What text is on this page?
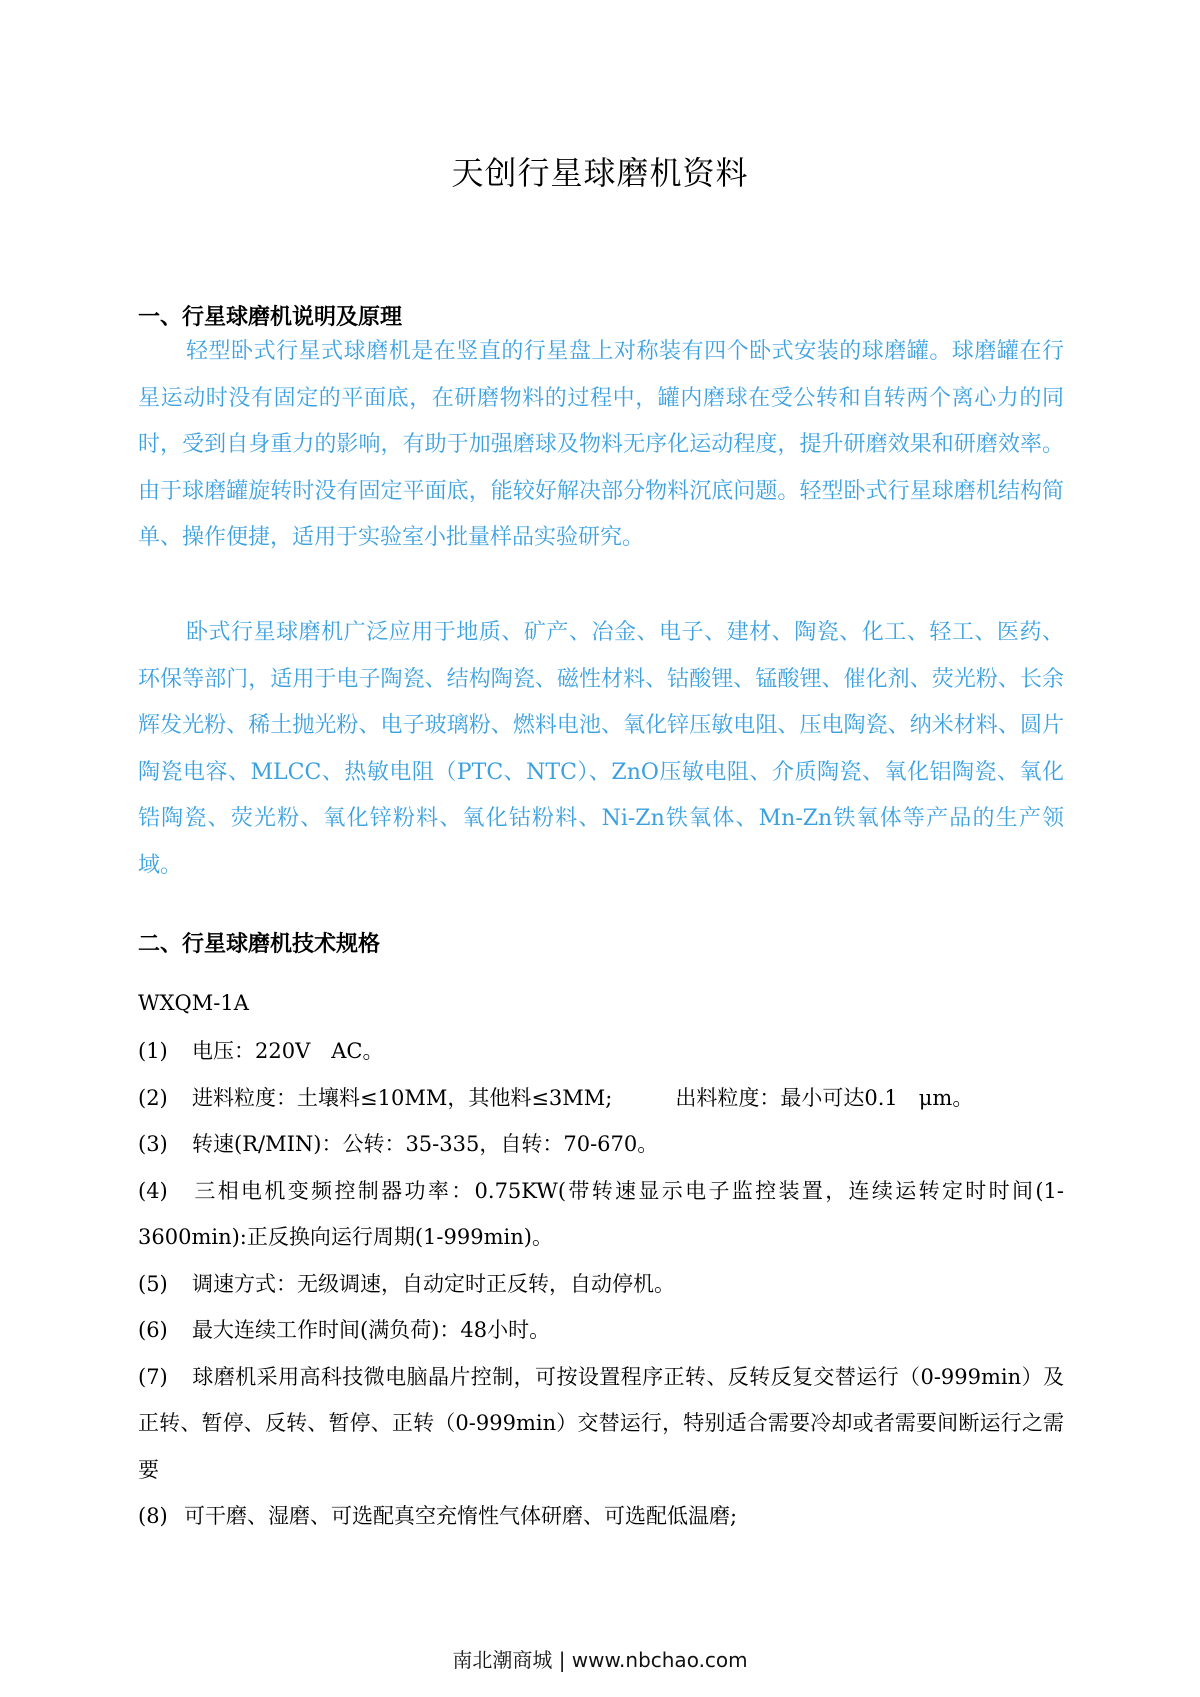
天创行星球磨机资料
一、行星球磨机说明及原理

轻型卧式行星式球磨机是在竖直的行星盘上对称装有四个卧式安装的球磨罐。球磨罐在行星运动时没有固定的平面底，在研磨物料的过程中，罐内磨球在受公转和自转两个离心力的同时，受到自身重力的影响，有助于加强磨球及物料无序化运动程度，提升研磨效果和研磨效率。由于球磨罐旋转时没有固定平面底，能较好解决部分物料沉底问题。轻型卧式行星球磨机结构简单、操作便捷，适用于实验室小批量样品实验研究。

卧式行星球磨机广泛应用于地质、矿产、冶金、电子、建材、陶瓷、化工、轻工、医药、环保等部门，适用于电子陶瓷、结构陶瓷、磁性材料、钴酸锂、锰酸锂、催化剂、荧光粉、长余辉发光粉、稀土抛光粉、电子玻璃粉、燃料电池、氧化锌压敏电阻、压电陶瓷、纳米材料、圆片陶瓷电容、MLCC、热敏电阻（PTC、NTC）、ZnO压敏电阻、介质陶瓷、氧化铝陶瓷、氧化锆陶瓷、荧光粉、氧化锌粉料、氧化钴粉料、Ni-Zn铁氧体、Mn-Zn铁氧体等产品的生产领域。

二、行星球磨机技术规格

WXQM-1A

(1) 电压：220V　AC。
(2) 进料粒度：土壤料≤10MM，其他料≤3MM;　　　出料粒度：最小可达0.1　μm。
(3) 转速(R/MIN)：公转：35-335，自转：70-670。
(4) 三相电机变频控制器功率：0.75KW(带转速显示电子监控装置，连续运转定时时间(1-3600min):正反换向运行周期(1-999min)。
(5) 调速方式：无级调速，自动定时正反转，自动停机。
(6) 最大连续工作时间(满负荷)：48小时。
(7) 球磨机采用高科技微电脑晶片控制，可按设置程序正转、反转反复交替运行（0-999min）及正转、暂停、反转、暂停、正转（0-999min）交替运行，特别适合需要冷却或者需要间断运行之需要
(8) 可干磨、湿磨、可选配真空充惰性气体研磨、可选配低温磨;
南北潮商城 | www.nbchao.com
